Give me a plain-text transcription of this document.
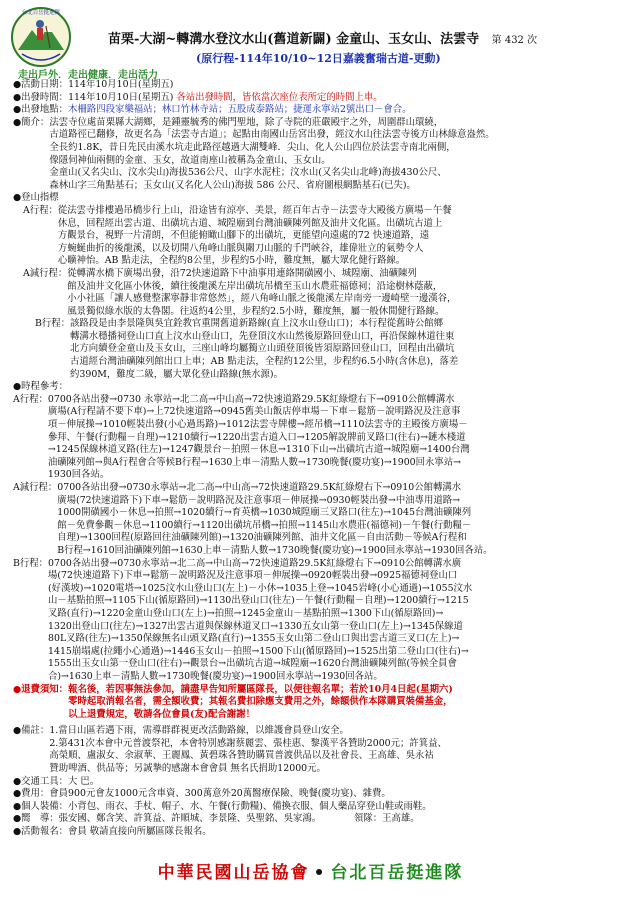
台北百岳挺進隊
苗栗-大湖~轉溝水登汶水山(舊道新闢) 金童山、玉女山、法雲寺 第 432 次
(原行程-114年10/10~12日嘉義奮瑞古道-更動)
走出戶外．走出健康．走出活力

●活動日期：114年10月10日(星期五)

●出發時間：114年10月10日(星期五) 各站出發時間，皆依當次座位表所定的時間上車。

●出發地點：木柵路四段家樂福站；林口竹林寺站；五股成泰路站；捷運永寧站2號出口－會合。

●簡介： 法雲寺位處苗栗縣大湖鄉，是鍾靈毓秀的佛門聖地，除了寺院的莊嚴殿宇之外，周圍群山環繞，

古道路徑已翻修，故更名為「法雲寺古道」；起點由南國山岳宮出發，經汶水山往法雲寺後方山林綠意盎然。

全長約1.8K，昔日先民由溪水坑走此路徑越過大湖雙峰．尖山、化人公山四位於法雲寺南北兩側，

像隱伺神仙兩側的金童、玉女，故道南座山被稱為金童山、玉女山。

金童山(又名尖山、汶水尖山)海拔536公尺、山字水泥柱；汶水山(又名尖山北峰)海拔430公尺、

森林山字三角點基石；玉女山(又名化人公山)海拔 586 公尺、省府圖根網點基石(已失)。

●登山指標

A行程： 從法雲寺排樓過吊橋步行上山，沿途皆有涼亭、美景，經百年古寺－法雲寺大殿後方廣場－午餐

休息，回程經出雲古道、出磺坑古道、城隍廟到台灣油礦陳列館及油井文化區。出磺坑古道上

方觀景台，視野一片清朗，不但能俯瞰山腳下的出磺坑，更能望向遠處的72 快速道路，遠

方蜿蜒曲折的後龍溪，以及切開八角峰山脈與關刀山脈的千門峽谷，雄偉壯立的氣勢令人

心曠神怡。AB 點走法，全程約8公里，步程約5小時，難度無，屬大眾化健行路線。

A減行程： 從轉溝水橋下廣場出發，沿72快速道路下中油事用連絡開磺國小、城隍廟、油礦陳列

館及油井文化區小休後，續往後龍溪左岸出磺坑吊橋至玉山水農莊福德祠；沿途樹林蔭蔽，

小小社區「讓人感覺整潔寧靜非常悠然」，經八角峰山脈之後龍溪左岸南旁一邊崎壁一邊漢谷，

風景獨似綠水版的太魯閣。往返約4公里，步程約2.5小時，難度無，屬一般休閒健行路線。

B行程： 該路段是由李景隆與吳宜銓教官重開舊道新路線(直上汶水山登山口)；本行程從舊時公館鄉

轉溝水穩播祠登山口直上汶水山登山口，先登頂汶水山然後原路回登山口，再沿保線林道往東

北方向續登金童山及玉女山，三座山峰均屬獨立山頭登頂後皆須原路回登山口，回程由出磺坑

古道經台灣油礦陳列館出口上車；AB 點走法，全程約12公里，步程約6.5小時(含休息)，落差

約390M，難度二級，屬大眾化登山路線(無水源)。

●時程參考：

A行程： 0700各站出發→0730 永寧站→北二高→中山高→72快速道路29.5K紅綠燈右下→0910公館轉溝水

廣場(A行程請不要下車)→上72快速道路→0945舊美山飯店停車場－下車－鬆筋－說明路況及注意事

項－伸展操→1010輕裝出發(小心過馬路)→1012法雲寺牌樓→經吊橋→1110法雲寺的主殿後方廣場－

參拜、午餐(行動糧－自理)→1210續行→1220出雲古道入口→1205解說牌前叉路口(往右)→鏈木棧道

→1245保線林道叉路(往左)→1247觀景台－拍照－休息→1310下山→出磺坑古道→城隍廟→1400台灣

油礦陳列館→與A行程會合等候B行程→1630上車－清點人數→1730晚餐(慶功宴)→1900回永寧站→

1930回各站。

A減行程： 0700各站出發→0730永寧站→北二高→中山高→72快速道路29.5K紅綠燈右下→0910公館轉溝水

廣場(72快速道路下)下車→鬆筋－說明路況及注意事項－伸展操→0930輕裝出發→中油專用道路→

1000開磺國小－休息→拍照→1020續行→育英橋→1030城隍廟三叉路口(往左)→1045台灣油礦陳列

館－免費參觀－休息→1100續行→1120出磺坑吊橋→拍照→1145山水農莊(福德祠)－午餐(行動糧－

自理)→1300回程(原路回往油礦陳列館)→1320油礦陳列館、油井文化區－自由活動－等候A行程和

B行程→1610回油礦陳列館→1630上車－清點人數→1730晚餐(慶功宴)→1900回永寧站→1930回各站。

B行程： 0700各站出發→0730永寧站→北二高→中山高→72快速道路29.5K紅綠燈右下→0910公館轉溝水廣

場(72快速道路下)下車→鬆筋－說明路況及注意事項－伸展操→0920輕裝出發→0925福德祠登山口

(好漢坡)→1020電塔→1025汶水山登山口(左上)－小休→1035上登→1045岩峰(小心通過)→1055汶水

山－基點拍照→1105下山(循原路回)→1130出登山口(往左)－午餐(行動糧－自理)→1200續行→1215

叉路(直行)→1220金童山登山口(左上)→拍照→1245金童山－基點拍照→1300下山(循原路回)→

1320出登山口(往左)→1327出雲古道與保線林道叉口→1330五女山第一登山口(左上)→1345保線道

80L叉路(往左)→1350保線無名山頭叉路(直行)→1355玉女山第二登山口與出雲古道三叉口(左上)→

1415崩塌處(拉繩小心通過)→1446玉女山－拍照→1500下山(循原路回)→1525出第二登山口(往右)→

1555出玉女山第一登山口(往右)→觀景台→出磺坑古道→城隍廟→1620台灣油礦陳列館(等候全員會

合)→1630上車－清點人數→1730晚餐(慶功宴)→1900回永寧站→1930回各站。

●退費須知： 報名後，若因事無法參加，請盡早告知所屬區隊長，以便往報名單；若於10月4日起(星期六)

零時起取消報名者，需全額收費；其報名費扣除應支費用之外，餘額供作本隊購買裝備基金，

以上退費規定，敬請各位會員(友)配合謝謝！

●備註： 1.當日山區若遇下雨，需導群群視更改活動路線，以維護會員登山安全。

2.第431次本會中元普渡祭祀，本會特別感謝蔡麗雲、張桂惠、黎漢平各贊助2000元；許箕益、

高榮順、盧淑女、余淑華、王麗鳳、黃碧珠各贊助購買普渡供品以及社會長、王高雄、吳永祜

贊助啤酒、供品等；另誠摯的感謝本會會員 無名氏捐助12000元。

●交通工具：大 巴。

●費用：會員900元會友1000元含車資、300萬意外20萬醫療保險、晚餐(慶功宴)、雜費。

●個人裝備：小背包、雨衣、手杖、帽子、水、午餐(行動糧)、備換衣服、個人藥品穿登山鞋或雨鞋。

●嚮　導：張安國、鄭含笑、許箕益、許順城、李景隆、吳聖銘、吳家鴻。　　　　領隊：王高雄。

●活動報名：會員 敬請直接向所屬區隊長報名。

中華民國山岳協會 • 台北百岳挺進隊
